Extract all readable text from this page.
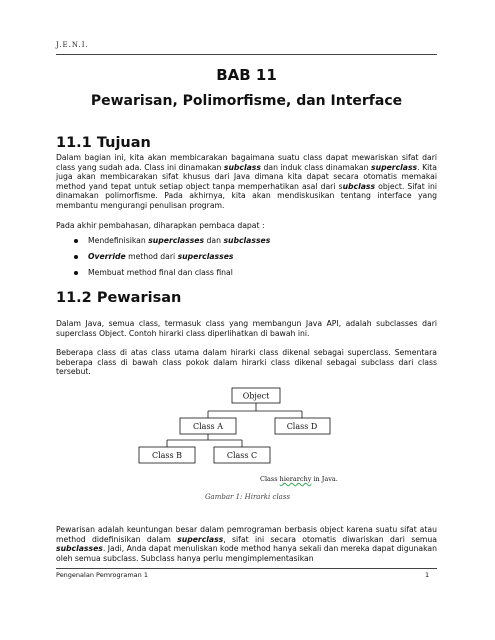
J.E.N.I.
BAB 11
Pewarisan, Polimorfisme, dan Interface
11.1 Tujuan

Dalam bagian ini, kita akan membicarakan bagaimana suatu class dapat mewariskan sifat dari class yang sudah ada. Class ini dinamakan subclass dan induk class dinamakan superclass. Kita juga akan membicarakan sifat khusus dari Java dimana kita dapat secara otomatis memakai method yand tepat untuk setiap object tanpa memperhatikan asal dari subclass object. Sifat ini dinamakan polimorfisme. Pada akhirnya, kita akan mendiskusikan tentang interface yang membantu mengurangi penulisan program.

Pada akhir pembahasan, diharapkan pembaca dapat :

Mendefinisikan superclasses dan subclasses
Override method dari superclasses
Membuat method final dan class final
11.2 Pewarisan

Dalam Java, semua class, termasuk class yang membangun Java API, adalah subclasses dari superclass Object. Contoh hirarki class diperlihatkan di bawah ini.

Beberapa class di atas class utama dalam hirarki class dikenal sebagai superclass. Sementara beberapa class di bawah class pokok dalam hirarki class dikenal sebagai subclass dari class tersebut.

Object
Class A	Class D
Class B	Class C
Class hierarchy in Java.
Gambar 1: Hirarki class

Pewarisan adalah keuntungan besar dalam pemrograman berbasis object karena suatu sifat atau method didefinisikan dalam superclass, sifat ini secara otomatis diwariskan dari semua subclasses. Jadi, Anda dapat menuliskan kode method hanya sekali dan mereka dapat digunakan oleh semua subclass. Subclass hanya perlu mengimplementasikan

Pengenalan Pemrograman 1	1
